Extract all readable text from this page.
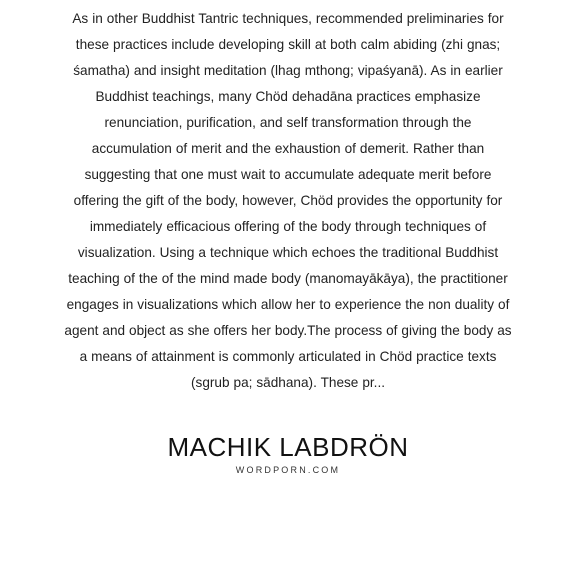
As in other Buddhist Tantric techniques, recommended preliminaries for
these practices include developing skill at both calm abiding (zhi gnas;
śamatha) and insight meditation (lhag mthong; vipaśyanā). As in earlier
Buddhist teachings, many Chöd dehadāna practices emphasize
renunciation, purification, and self transformation through the
accumulation of merit and the exhaustion of demerit. Rather than
suggesting that one must wait to accumulate adequate merit before
offering the gift of the body, however, Chöd provides the opportunity for
immediately efficacious offering of the body through techniques of
visualization. Using a technique which echoes the traditional Buddhist
teaching of the of the mind made body (manomayākāya), the practitioner
engages in visualizations which allow her to experience the non duality of
agent and object as she offers her body.The process of giving the body as
a means of attainment is commonly articulated in Chöd practice texts
(sgrub pa; sādhana). These pr...

MACHIK LABDRÖN
WORDPORN.COM
